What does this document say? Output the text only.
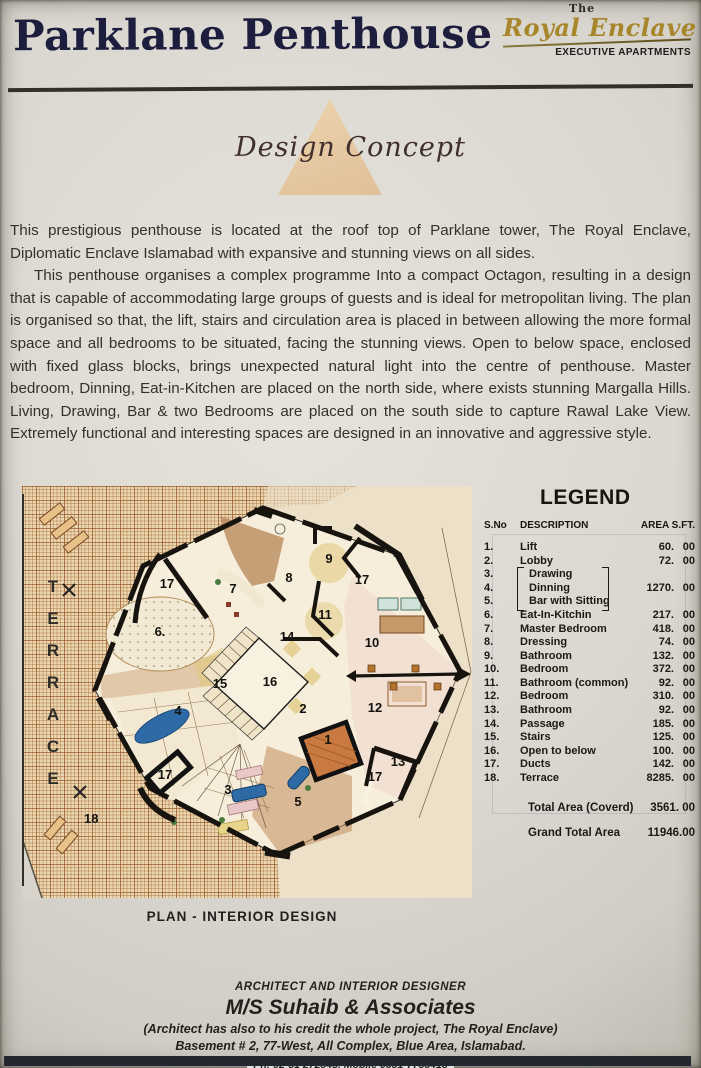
Parklane Penthouse
The
Royal Enclave
EXECUTIVE APARTMENTS
Design Concept

This prestigious penthouse is located at the roof top of Parklane tower, The Royal Enclave, Diplomatic Enclave Islamabad with expansive and stunning views on all sides.

This penthouse organises a complex programme Into a compact Octagon, resulting in a design that is capable of accommodating large groups of guests and is ideal for metropolitan living. The plan is organised so that, the lift, stairs and circulation area is placed in between allowing the more formal space and all bedrooms to be situated, facing the stunning views. Open to below space, enclosed with fixed glass blocks, brings unexpected natural light into the centre of penthouse. Master bedroom, Dinning, Eat-in-Kitchen are placed on the north side, where exists stunning Margalla Hills. Living, Drawing, Bar & two Bedrooms are placed on the south side to capture Rawal Lake View. Extremely functional and interesting spaces are designed in an innovative and aggressive style.

T
E
R
R
A
C
E
18
17	7
8
9
17
6.
11
14	10
15	16
2	12
4
1
13
17
3
5
17
PLAN - INTERIOR DESIGN
LEGEND
S.No	DESCRIPTION	AREA S.FT.
1.	Lift	60. 00
2.	Lobby	72. 00
3.	Drawing
4.	Dinning	1270. 00
5.	Bar with Sitting
6.	Eat-In-Kitchin	217. 00
7.	Master Bedroom	418. 00
8.	Dressing	74. 00
9.	Bathroom	132. 00
10.	Bedroom	372. 00
11.	Bathroom (common)	92. 00
12.	Bedroom	310. 00
13.	Bathroom	92. 00
14.	Passage	185. 00
15.	Stairs	125. 00
16.	Open to below	100. 00
17.	Ducts	142. 00
18.	Terrace	8285. 00
Total Area (Coverd)	3561. 00
Grand Total Area	11946.00
ARCHITECT AND INTERIOR DESIGNER
M/S Suhaib & Associates
(Architect has also to his credit the whole project, The Royal Enclave)
Basement # 2, 77-West, All Complex, Blue Area, Islamabad.
